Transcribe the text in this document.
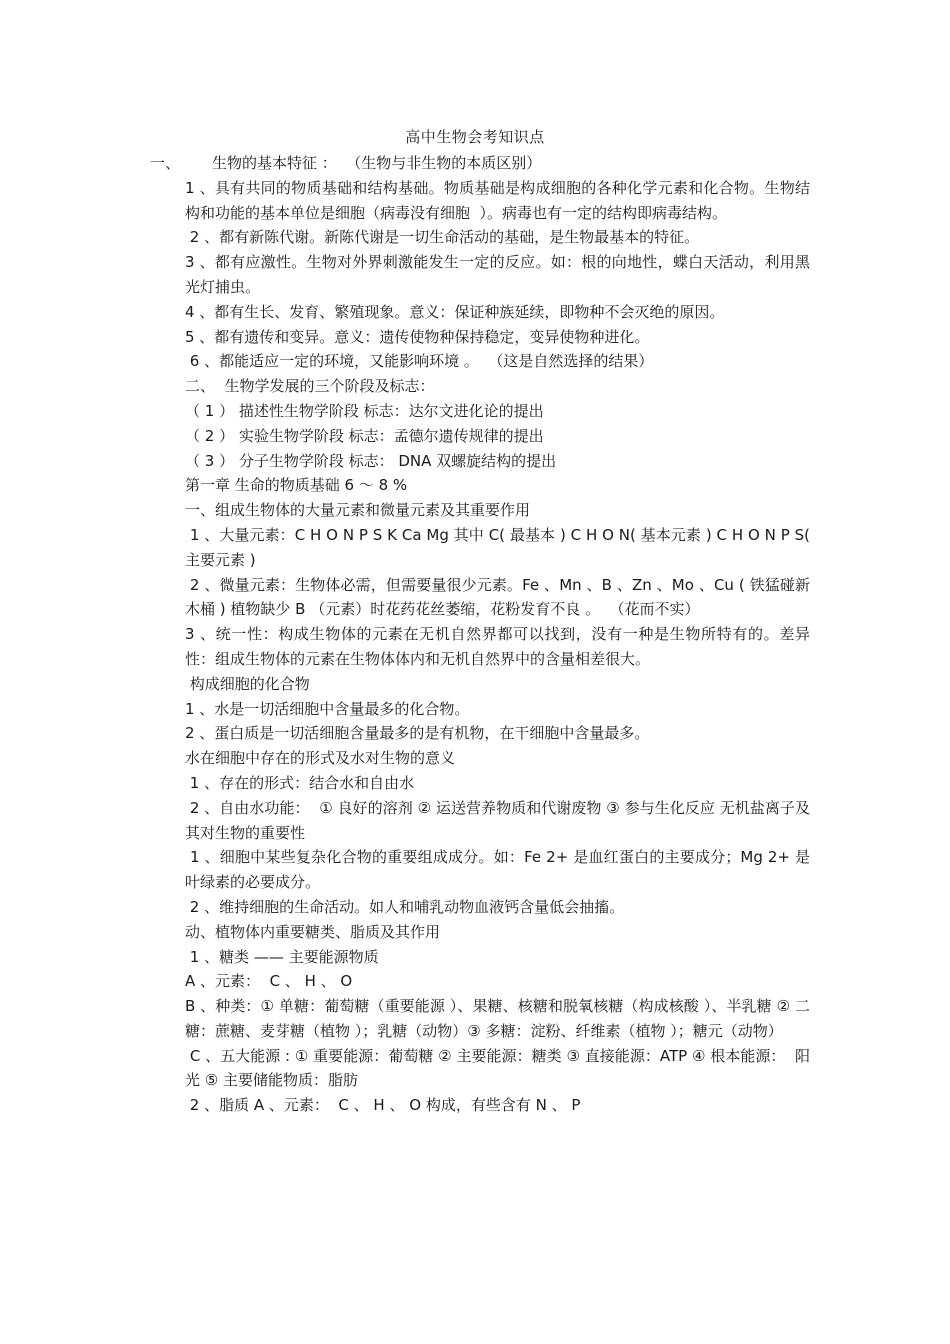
高中生物会考知识点

一、 生物的基本特征 ：  （生物与非生物的本质区别）

1 、具有共同的物质基础和结构基础。物质基础是构成细胞的各种化学元素和化合物。生物结构和功能的基本单位是细胞（病毒没有细胞  ）。病毒也有一定的结构即病毒结构。

2 、都有新陈代谢。新陈代谢是一切生命活动的基础，是生物最基本的特征。

3 、都有应激性。生物对外界刺激能发生一定的反应。如：根的向地性，蝶白天活动，利用黑光灯捕虫。

4 、都有生长、发育、繁殖现象。意义：保证种族延续，即物种不会灭绝的原因。

5 、都有遗传和变异。意义：遗传使物种保持稳定，变异使物种进化。

6 、都能适应一定的环境，又能影响环境 。  （这是自然选择的结果）

二、  生物学发展的三个阶段及标志：

（ 1 ） 描述性生物学阶段 标志：达尔文进化论的提出

（ 2 ） 实验生物学阶段 标志：孟德尔遗传规律的提出

（ 3 ） 分子生物学阶段 标志： DNA 双螺旋结构的提出

第一章 生命的物质基础 6 ～ 8 %

一、组成生物体的大量元素和微量元素及其重要作用

1 、大量元素：C H O N P S K Ca Mg 其中 C( 最基本 ) C H O N( 基本元素 ) C H O N P S( 主要元素 )

2 、微量元素：生物体必需，但需要量很少元素。Fe 、Mn 、B 、Zn 、Mo 、Cu ( 铁猛碰新木桶 ) 植物缺少 B （元素）时花药花丝萎缩，花粉发育不良 。  （花而不实）

3 、统一性：构成生物体的元素在无机自然界都可以找到，没有一种是生物所特有的。差异性：组成生物体的元素在生物体体内和无机自然界中的含量相差很大。

构成细胞的化合物

1 、水是一切活细胞中含量最多的化合物。

2 、蛋白质是一切活细胞含量最多的是有机物，在干细胞中含量最多。

水在细胞中存在的形式及水对生物的意义

1 、存在的形式：结合水和自由水

2 、自由水功能：  ① 良好的溶剂 ② 运送营养物质和代谢废物 ③ 参与生化反应 无机盐离子及其对生物的重要性

1 、细胞中某些复杂化合物的重要组成成分。如：Fe 2+ 是血红蛋白的主要成分；Mg 2+ 是叶绿素的必要成分。

2 、维持细胞的生命活动。如人和哺乳动物血液钙含量低会抽搐。

动、植物体内重要糖类、脂质及其作用

1 、糖类 —— 主要能源物质

A 、元素：  C 、 H 、 O

B 、种类：① 单糖：葡萄糖（重要能源 ）、果糖、核糖和脱氧核糖（构成核酸 ）、半乳糖 ② 二糖：蔗糖、麦芽糖（植物 ）；乳糖（动物）③ 多糖：淀粉、纤维素（植物 ）；糖元（动物）

C 、五大能源 : ① 重要能源：葡萄糖 ② 主要能源：糖类 ③ 直接能源：ATP ④ 根本能源：  阳光 ⑤ 主要储能物质：脂肪

2 、脂质 A 、元素：  C 、 H 、 O 构成，有些含有 N 、 P
